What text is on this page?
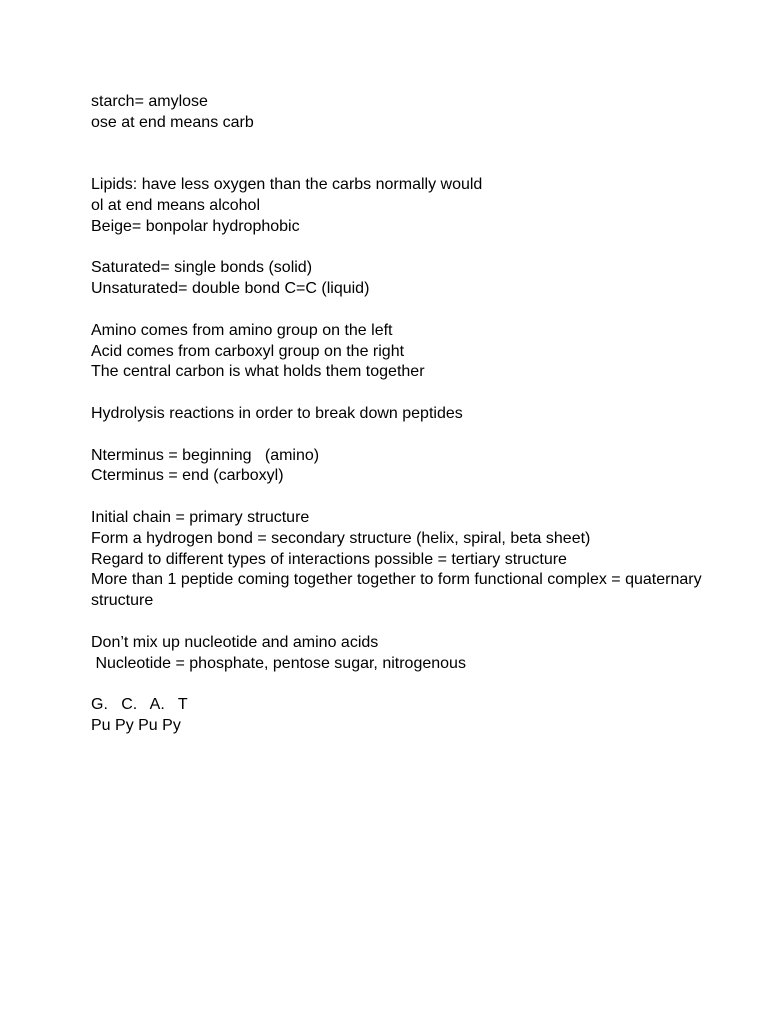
starch= amylose
ose at end means carb
Lipids: have less oxygen than the carbs normally would
ol at end means alcohol
Beige= bonpolar hydrophobic
Saturated= single bonds (solid)
Unsaturated= double bond C=C (liquid)
Amino comes from amino group on the left
Acid comes from carboxyl group on the right
The central carbon is what holds them together
Hydrolysis reactions in order to break down peptides
Nterminus = beginning   (amino)
Cterminus = end (carboxyl)
Initial chain = primary structure
Form a hydrogen bond = secondary structure (helix, spiral, beta sheet)
Regard to different types of interactions possible = tertiary structure
More than 1 peptide coming together together to form functional complex = quaternary structure
Don’t mix up nucleotide and amino acids
Nucleotide = phosphate, pentose sugar, nitrogenous
G.   C.   A.   T
Pu Py Pu Py
